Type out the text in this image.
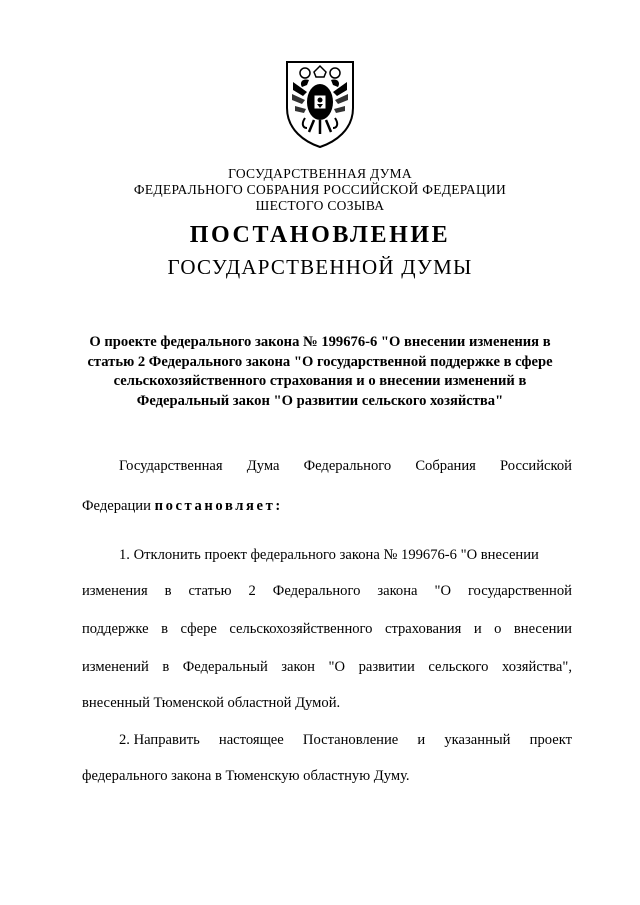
ГОСУДАРСТВЕННАЯ ДУМА
ФЕДЕРАЛЬНОГО СОБРАНИЯ РОССИЙСКОЙ ФЕДЕРАЦИИ
ШЕСТОГО СОЗЫВА
ПОСТАНОВЛЕНИЕ
ГОСУДАРСТВЕННОЙ ДУМЫ
О проекте федерального закона № 199676-6 "О внесении изменения в
статью 2 Федерального закона "О государственной поддержке в сфере
сельскохозяйственного страхования и о внесении изменений в
Федеральный закон "О развитии сельского хозяйства"
Государственная Дума Федерального Собрания Российской
Федерации постановляет:
1. Отклонить проект федерального закона № 199676-6 "О внесении
изменения в статью 2 Федерального закона "О государственной
поддержке в сфере сельскохозяйственного страхования и о внесении
изменений в Федеральный закон "О развитии сельского хозяйства",
внесенный Тюменской областной Думой.
2. Направить настоящее Постановление и указанный проект
федерального закона в Тюменскую областную Думу.
